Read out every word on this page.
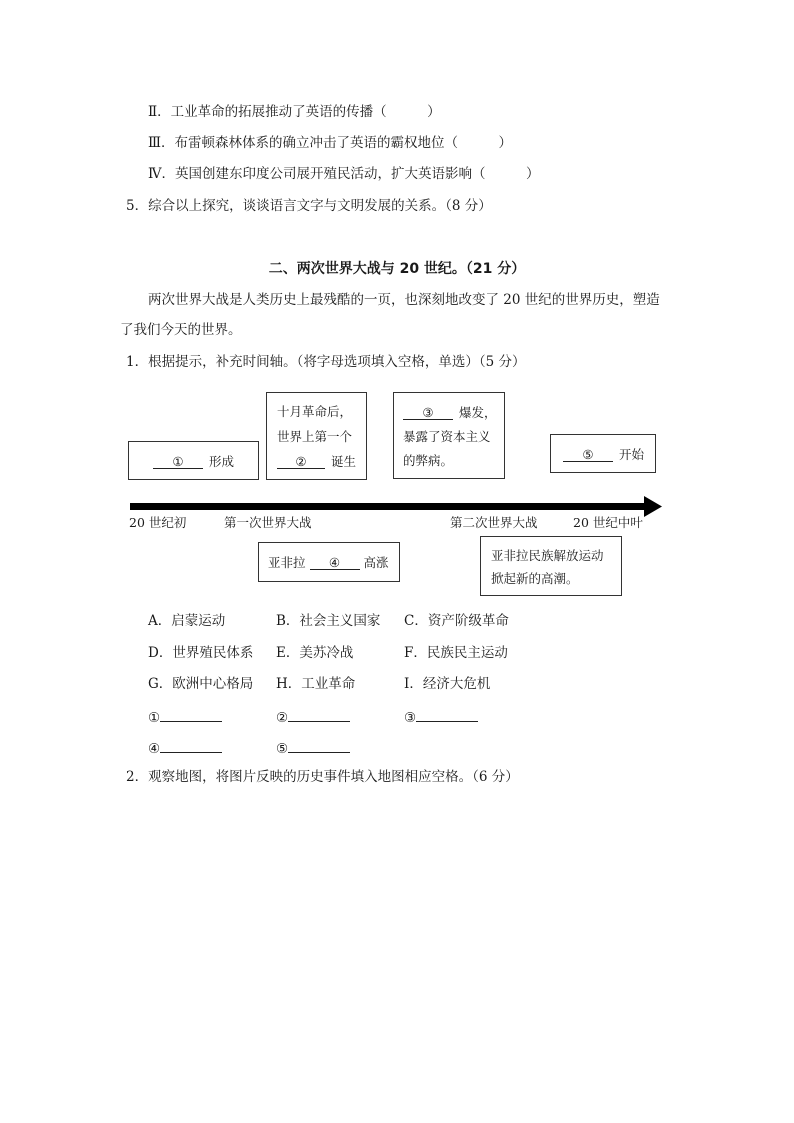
Ⅱ．工业革命的拓展推动了英语的传播（　　　）
Ⅲ．布雷顿森林体系的确立冲击了英语的霸权地位（　　　）
Ⅳ．英国创建东印度公司展开殖民活动，扩大英语影响（　　　）
5．综合以上探究，谈谈语言文字与文明发展的关系。（8 分）
二、两次世界大战与 20 世纪。（21 分）
两次世界大战是人类历史上最残酷的一页，也深刻地改变了 20 世纪的世界历史，塑造
了我们今天的世界。
1．根据提示，补充时间轴。（将字母选项填入空格，单选）（5 分）
① 形成
十月革命后，
世界上第一个
② 诞生
③ 爆发，
暴露了资本主义
的弊病。	⑤ 开始
20 世纪初	第一次世界大战	第二次世界大战	20 世纪中叶
亚非拉 ④ 高涨	亚非拉民族解放运动
掀起新的高潮。
A．启蒙运动	B．社会主义国家 C．资产阶级革命
D．世界殖民体系 E．美苏冷战	F．民族民主运动
G．欧洲中心格局 H．工业革命	I．经济大危机
①	②	③
④	⑤
2．观察地图，将图片反映的历史事件填入地图相应空格。（6 分）
